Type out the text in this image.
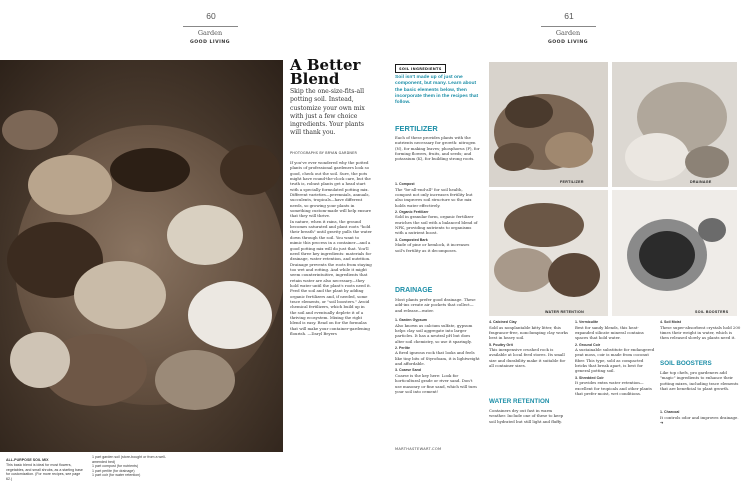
60
Garden
GOOD LIVING
ALL-PURPOSE SOIL MIX
This basic blend is ideal for most flowers, vegetables, and small shrubs, as a starting base for customization. (For more recipes, see page 62.)
1 part garden soil (store-bought or from a well-amended bed)
1 part compost (for nutrients)
1 part perlite (for drainage)
1 part coir (for water retention)
A Better
Blend
Skip the one-size-fits-all potting soil. Instead, customize your own mix with just a few choice ingredients. Your plants will thank you.
PHOTOGRAPHS BY BRYAN GARDNER
If you've ever wondered why the potted plants of professional gardeners look so good, check out the soil. Sure, the pots might have round-the-clock care, but the truth is, robust plants get a head start with a specially formulated potting mix. Different varieties—perennials, annuals, succulents, tropicals—have different needs, so growing your plants in something custom-made will help ensure that they will thrive.
In nature, when it rains, the ground becomes saturated and plant roots "hold their breath" until gravity pulls the water down through the soil. You want to mimic this process in a container—and a good potting mix will do just that. You'll need three key ingredients: materials for drainage, water retention, and nutrition. Drainage prevents the roots from staying too wet and rotting. And while it might seem counterintuitive, ingredients that retain water are also necessary—they hold water until the plant's roots need it. Feed the soil and the plant by adding organic fertilizers and, if needed, some trace elements, or "soil boosters." Avoid chemical fertilizers, which build up in the soil and eventually deplete it of a thriving ecosystem. Mixing the right blend is easy. Read on for the formulas that will make your container-gardening flourish. —Daryl Beyers
61
Garden
GOOD LIVING
SOIL INGREDIENTS
Soil isn't made up of just one component, but many. Learn about the basic elements below, then incorporate them in the recipes that follow.
FERTILIZER
Each of these provides plants with the nutrients necessary for growth: nitrogen (N), for making leaves; phosphorus (P), for forming flowers, fruits, and seeds; and potassium (K), for building strong roots.
1. Compost
The "be-all-end-all" for soil health, compost not only increases fertility but also improves soil structure so the mix holds water effectively.
2. Organic Fertilizer
Sold in granular form, organic fertilizer enriches the soil with a balanced blend of NPK, providing nutrients to organisms with a nutrient boost.
3. Composted Bark
Made of pine or hemlock, it increases soil's fertility as it decomposes.
DRAINAGE
Most plants prefer good drainage. These add-ins create air pockets that collect—and release—water.
1. Garden Gypsum
Also known as calcium sulfate, gypsum helps clay soil aggregate into larger particles. It has a neutral pH but does alter soil chemistry, so use it sparingly.
2. Perlite
A fired igneous rock that looks and feels like tiny bits of Styrofoam, it is lightweight and affordable.
3. Coarse Sand
Coarse is the key here: Look for horticultural grade or river sand. Don't use masonry or fine sand, which will turn your soil into cement!
FERTILIZER	DRAINAGE
WATER RETENTION	SOIL BOOSTERS
4. Calcined Clay
Sold as nonplantable kitty litter, this fragrance-free, nonclumping clay works best in heavy soil.
5. Poultry Grit
This inexpensive crushed rock is available at local feed stores. Its small size and durability make it suitable for all container sizes.
WATER RETENTION
Containers dry out fast in warm weather. Include one of these to keep soil hydrated but still light and fluffy.
1. Vermiculite
Best for sandy blends, this heat-expanded silicate mineral contains spaces that hold water.
2. Ground Coir
A sustainable substitute for endangered peat moss, coir is made from coconut fiber. This type, sold as compacted bricks that break apart, is best for general potting soil.
3. Shredded Coir
It provides extra water retention—excellent for tropicals and other plants that prefer moist, wet conditions.
4. Soil Moist
These super-absorbent crystals hold 200 times their weight in water, which is then released slowly as plants need it.
SOIL BOOSTERS
Like top chefs, pro gardeners add "magic" ingredients to enhance their potting mixes, including trace elements that are beneficial to plant growth.
1. Charcoal
It controls odor and improves drainage. ➔
MARTHASTEWART.COM
